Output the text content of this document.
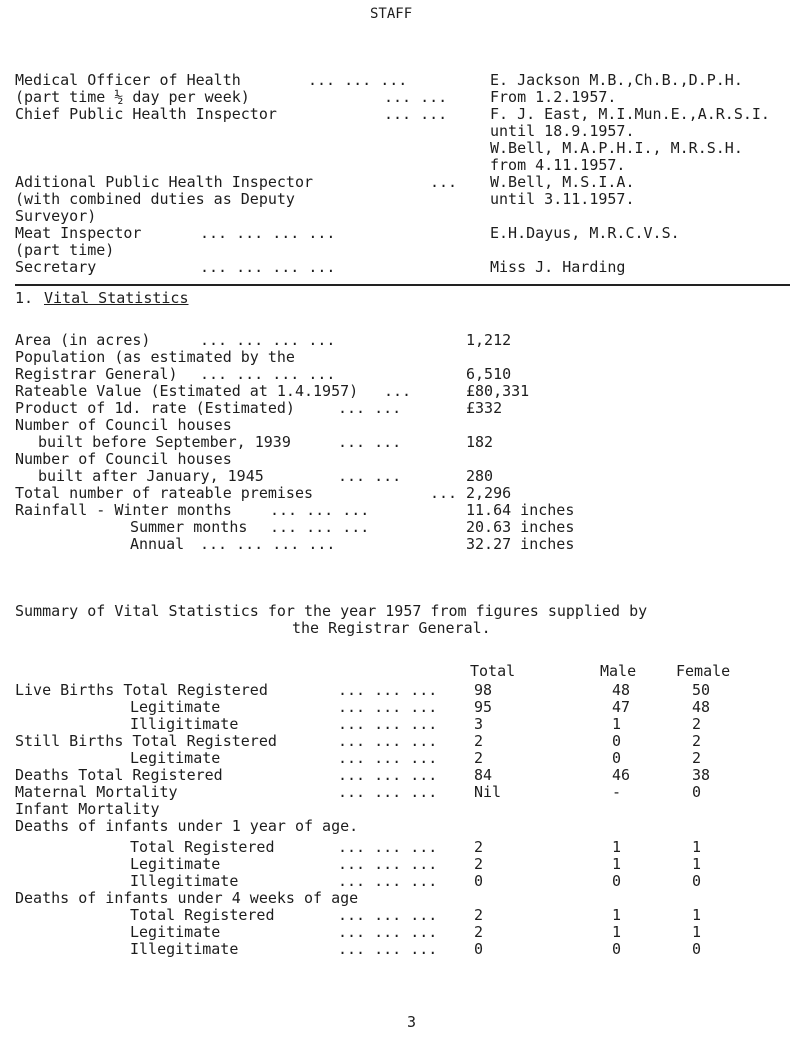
STAFF
Medical Officer of Health	... ... ...	E. Jackson M.B.,Ch.B.,D.P.H.
(part time ½ day per week)	... ...	From 1.2.1957.
Chief Public Health Inspector	... ...	F. J. East, M.I.Mun.E.,A.R.S.I.
until 18.9.1957.
W.Bell, M.A.P.H.I., M.R.S.H.
from 4.11.1957.
Aditional Public Health Inspector	... W.Bell, M.S.I.A.
until 3.11.1957.
(with combined duties as Deputy
Surveyor)
Meat Inspector	... ... ... ...	E.H.Dayus, M.R.C.V.S.
(part time)
Secretary	... ... ... ...	Miss J. Harding
1. Vital Statistics
Area (in acres)	... ... ... ...	1,212
Population (as estimated by the
Registrar General) ... ... ... ...	6,510
Rateable Value (Estimated at 1.4.1957) ...	£80,331
Product of 1d. rate (Estimated)	... ...	£332
Number of Council houses
built before September, 1939	... ...	182
Number of Council houses
built after January, 1945	... ...	280
Total number of rateable premises	... 2,296
Rainfall - Winter months	... ... ...	11.64 inches
Summer months ... ... ...	20.63 inches
Annual ... ... ... ...	32.27 inches
Summary of Vital Statistics for the year 1957 from figures supplied by
the Registrar General.
Total	Male	Female
Live Births Total Registered	... ... ... 98	48	50
Legitimate	... ... ... 95	47	48
Illigitimate	... ... ... 3	1	2
Still Births Total Registered	... ... ... 2	0	2
Legitimate	... ... ... 2	0	2
Deaths Total Registered	... ... ... 84	46	38
Maternal Mortality	... ... ... Nil	-	0
Infant Mortality
Deaths of infants under 1 year of age.
Total Registered	... ... ... 2	1	1
Legitimate	... ... ... 2	1	1
Illegitimate	... ... ... 0	0	0
Deaths of infants under 4 weeks of age
Total Registered	... ... ... 2	1	1
Legitimate	... ... ... 2	1	1
Illegitimate	... ... ... 0	0	0
3
